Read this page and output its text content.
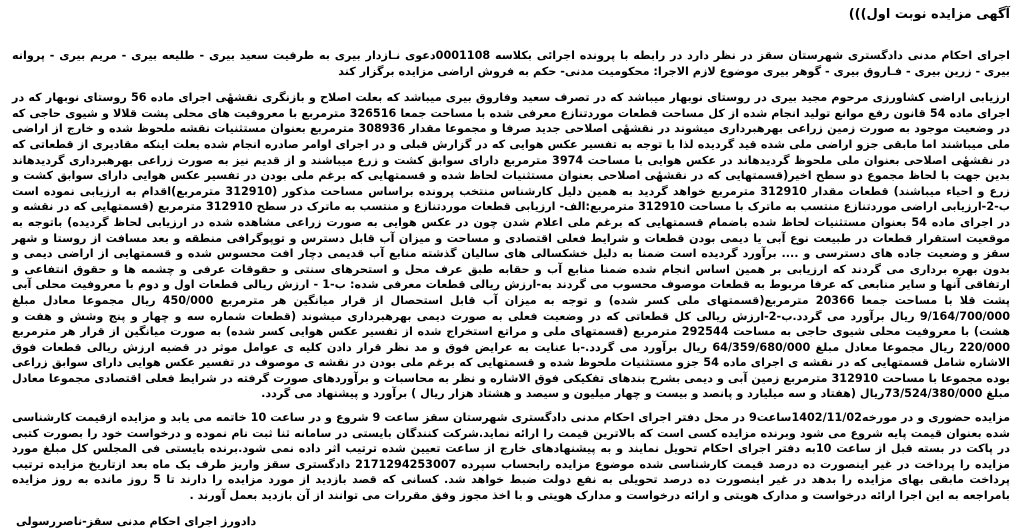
آگهی مزایده نوبت اول)))

اجرای احکام مدنی دادگستری شهرستان سقز در نظر دارد در رابطه با پرونده اجرائی بکلاسه 0001108دعوی نـازدار بیری به طرفیت سعید بیری - طلیعه بیری - مریم بیری - پروانه بیری - زرین بیری - فـاروق بیری - گوهر بیری موضوع لازم الاجرا: محکومیت مدنی- حکم به فروش اراضی مزایده برگزار کند

ارزیابی اراضی کشاورزی مرحوم مجید بیری در روستای نوبهار میباشد که در تصرف سعید وفاروق بیری میباشد که بعلت اصلاح و بازنگری نقشهٔی اجرای ماده 56 روستای نوبهار که در اجرای ماده 54 قانون رفع موانع تولید انجام شده از کل مساحت قطعات موردتنازع معرفی شده با مساحت جمعا 326516 مترمربع با معروفیت های محلی پشت قلالا و شیوی حاجی که در وضعیت موجود به صورت زمین زراعی بهرهبرداری میشوند در نقشهٔی اصلاحی جدید صرفا و مجموعا مقدار 308936 مترمربع بعنوان مستثنیات نقشه ملحوظ شده و خارج از اراضی ملی میباشند اما مابقی جزو اراضی ملی شده قید گردیده لذا با توجه به تفسیر عکس هوایی که در گزارش قبلی و در اجرای اوامر صادره انجام شده بعلت اینکه مقادیری از قطعاتی که در نقشهٔی اصلاحی بعنوان ملی ملحوظ گردیدهاند در عکس هوایی با مساحت 3974 مترمربع دارای سوابق کشت و زرع میباشند و از قدیم نیز به صورت زراعی بهرهبرداری گردیدهاند بدین جهت با لحاظ مجموع دو سطح اخیر(قسمتهایی که در نقشهٔی اصلاحی بعنوان مستثنیات لحاظ شده و قسمتهایی که برغم ملی بودن در تفسیر عکس هوایی دارای سوابق کشت و زرع و احیاء میباشند) قطعات مقدار 312910 مترمربع خواهد گردید به همین دلیل کارشناس منتخب پرونده براساس مساحت مذکور (312910 مترمربع)اقدام به ارزیابی نموده است ب-2-ارزیابی اراضی موردتنازع منتسب به ماترک با مساحت 312910 مترمربع:الف- ارزیابی قطعات موردتنازع و منتسب به ماترک در سطح 312910 مترمربع (قسمتهایی که در نقشه و در اجرای ماده 54 بعنوان مستثنیات لحاظ شده باضمام قسمتهایی که برغم ملی اعلام شدن چون در عکس هوایی به صورت زراعی مشاهده شده در ارزیابی لحاظ گردیده) باتوجه به موقعیت استقرار قطعات در طبیعت نوع آبی یا دیمی بودن قطعات و شرایط فعلی اقتصادی و مساحت و میزان آب قابل دسترس و توپوگرافی منطقه و بعد مسافت از روستا و شهر سقز و وضعیت جاده های دسترسی و .... برآورد گردیده است ضمنا به دلیل خشکسالی های سالیان گذشته منابع آب قدیمی دچار افت محسوس شده و قسمتهایی از اراضی دیمی و بدون بهره برداری می گردند که ارزیابی بر همین اساس انجام شده ضمنا منابع آب و حقابه طبق عرف محل و استحرهای سنتی و حقوقات عرفی و چشمه ها و حقوق انتفاعی و ارتفاقی آنها و سایر منابعی که عرفا مربوط به قطعات موصوف محسوب می گردند به-ارزش ریالی قطعات معرفی شده: ب-1 - ارزش ریالی قطعات اول و دوم با معروفیت محلی آبی پشت قلا با مساحت جمعا 20366 مترمربع(قسمتهای ملی کسر شده) و توجه به میزان آب قابل استحصال از قرار میانگین هر مترمربع 450/000 ریال مجموعا معادل مبلغ 9/164/700/000 ریال برآورد می گردد.ب-2-ارزش ریالی کل قطعاتی که در وضعیت فعلی به صورت دیمی بهرهبرداری میشوند (قطعات شماره سه و چهار و پنج وشش و هفت و هشت) با معروفیت محلی شیوی حاجی به مساحت 292544 مترمربع (قسمتهای ملی و مراتع استخراج شده از تفسیر عکس هوایی کسر شده) به صورت میانگین از قرار هر مترمربع 220/000 ریال مجموعا معادل مبلغ 64/359/680/000 ریال برآورد می گردد.-با عنایت به عرایض فوق و مد نظر قرار دادن کلیه ی عوامل موثر در قضیه ارزش ریالی قطعات فوق الاشاره شامل قسمتهایی که در نقشه ی اجرای ماده 54 جزو مستثنیات ملحوظ شده و قسمتهایی که برغم ملی بودن در نقشه ی موصوف در تفسیر عکس هوایی دارای سوابق زراعی بوده مجموعا با مساحت 312910 مترمربع زمین آبی و دیمی بشرح بندهای تفکیکی فوق الاشاره و نظر به محاسبات و برآوردهای صورت گرفته در شرایط فعلی اقتصادی مجموعا معادل مبلغ 73/524/380/000ریال (هفتاد و سه میلیارد و پانصد و بیست و چهار میلیون و سیصد و هشتاد هزار ریال ) برآورد و پیشنهاد می گردد.

مزایده حضوری و در مورخه1402/11/02ساعت9 در محل دفتر اجرای احکام مدنی دادگستری شهرستان سقز ساعت 9 شروع و در ساعت 10 خاتمه می یابد و مزایده ازقیمت کارشناسی شده بعنوان قیمت پایه شروع می شود وبرنده مزایده کسی است که بالاترین قیمت را ارائه نماید.شرکت کنندگان بایستی در سامانه ثنا ثبت نام نموده و درخواست خود را بصورت کتبی در پاکت در بسته قبل از ساعت 10به دفتر اجرای احکام تحویل نمایند و به پیشنهادهای خارج از ساعت تعیین شده ترتیب اثر داده نمی شود.برنده بایستی فی المجلس کل مبلغ مورد مزایده را پرداخت در غیر اینصورت ده درصد قیمت کارشناسی شده موضوع مزایده رابحساب سپرده 2171294253007 دادگستری سقز واریز طرف یک ماه بعد ازتاریخ مزایده ترتیب پرداخت مابقی بهای مزایده را بدهد در غیر اینصورت ده درصد تحویلی به نفع دولت ضبط خواهد شد. کسانی که قصد بازدید از مورد مزایده را دارند تا 5 روز مانده به روز مزایده بامراجعه به این اجرا ارائه درخواست و مدارک هویتی و ارائه درخواست و مدارک هویتی و با اخذ مجوز وفق مقررات می توانند از آن بازدید بعمل آورند .

دادورز اجرای احکام مدنی سقز-ناصررسولی
